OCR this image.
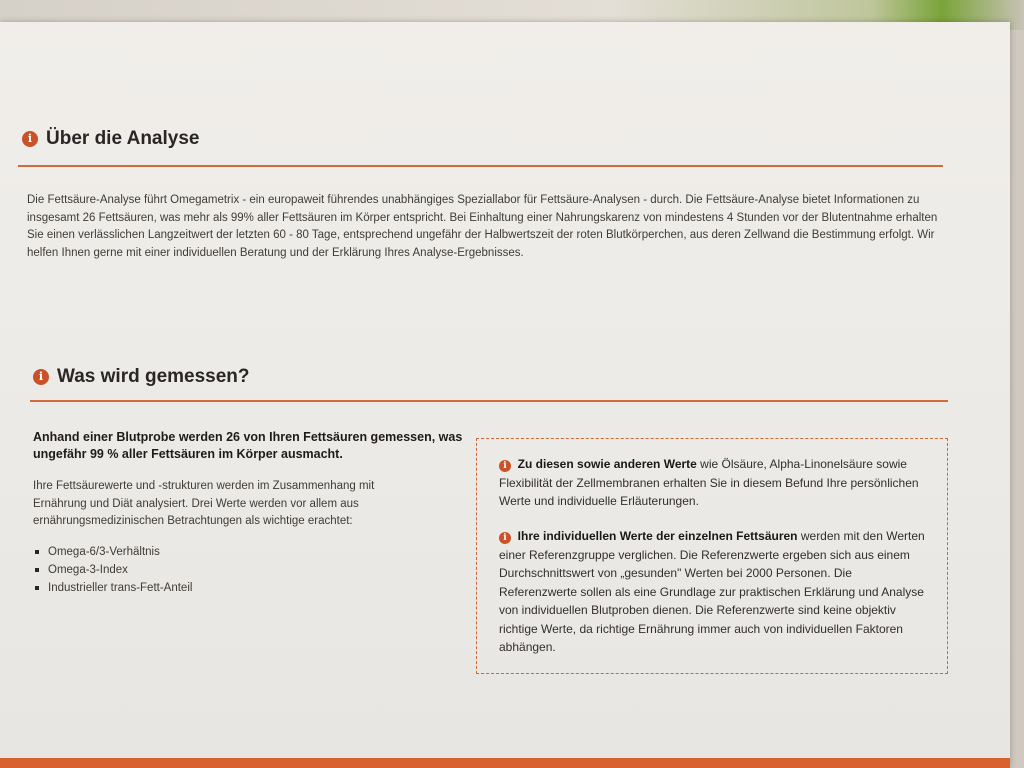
i Über die Analyse
Die Fettsäure-Analyse führt Omegametrix - ein europaweit führendes unabhängiges Speziallabor für Fettsäure-Analysen - durch. Die Fettsäure-Analyse bietet Informationen zu insgesamt 26 Fettsäuren, was mehr als 99% aller Fettsäuren im Körper entspricht. Bei Einhaltung einer Nahrungskarenz von mindestens 4 Stunden vor der Blutentnahme erhalten Sie einen verlässlichen Langzeitwert der letzten 60 - 80 Tage, entsprechend ungefähr der Halbwertszeit der roten Blutkörperchen, aus deren Zellwand die Bestimmung erfolgt. Wir helfen Ihnen gerne mit einer individuellen Beratung und der Erklärung Ihres Analyse-Ergebnisses.
i Was wird gemessen?
Anhand einer Blutprobe werden 26 von Ihren Fettsäuren gemessen, was ungefähr 99 % aller Fettsäuren im Körper ausmacht.
Ihre Fettsäurewerte und -strukturen werden im Zusammenhang mit Ernährung und Diät analysiert. Drei Werte werden vor allem aus ernährungsmedizinischen Betrachtungen als wichtige erachtet:
Omega-6/3-Verhältnis
Omega-3-Index
Industrieller trans-Fett-Anteil
i Zu diesen sowie anderen Werte wie Ölsäure, Alpha-Linonelsäure sowie Flexibilität der Zellmembranen erhalten Sie in diesem Befund Ihre persönlichen Werte und individuelle Erläuterungen.
i Ihre individuellen Werte der einzelnen Fettsäuren werden mit den Werten einer Referenzgruppe verglichen. Die Referenzwerte ergeben sich aus einem Durchschnittswert von „gesunden" Werten bei 2000 Personen. Die Referenzwerte sollen als eine Grundlage zur praktischen Erklärung und Analyse von individuellen Blutproben dienen. Die Referenzwerte sind keine objektiv richtige Werte, da richtige Ernährung immer auch von individuellen Faktoren abhängen.
